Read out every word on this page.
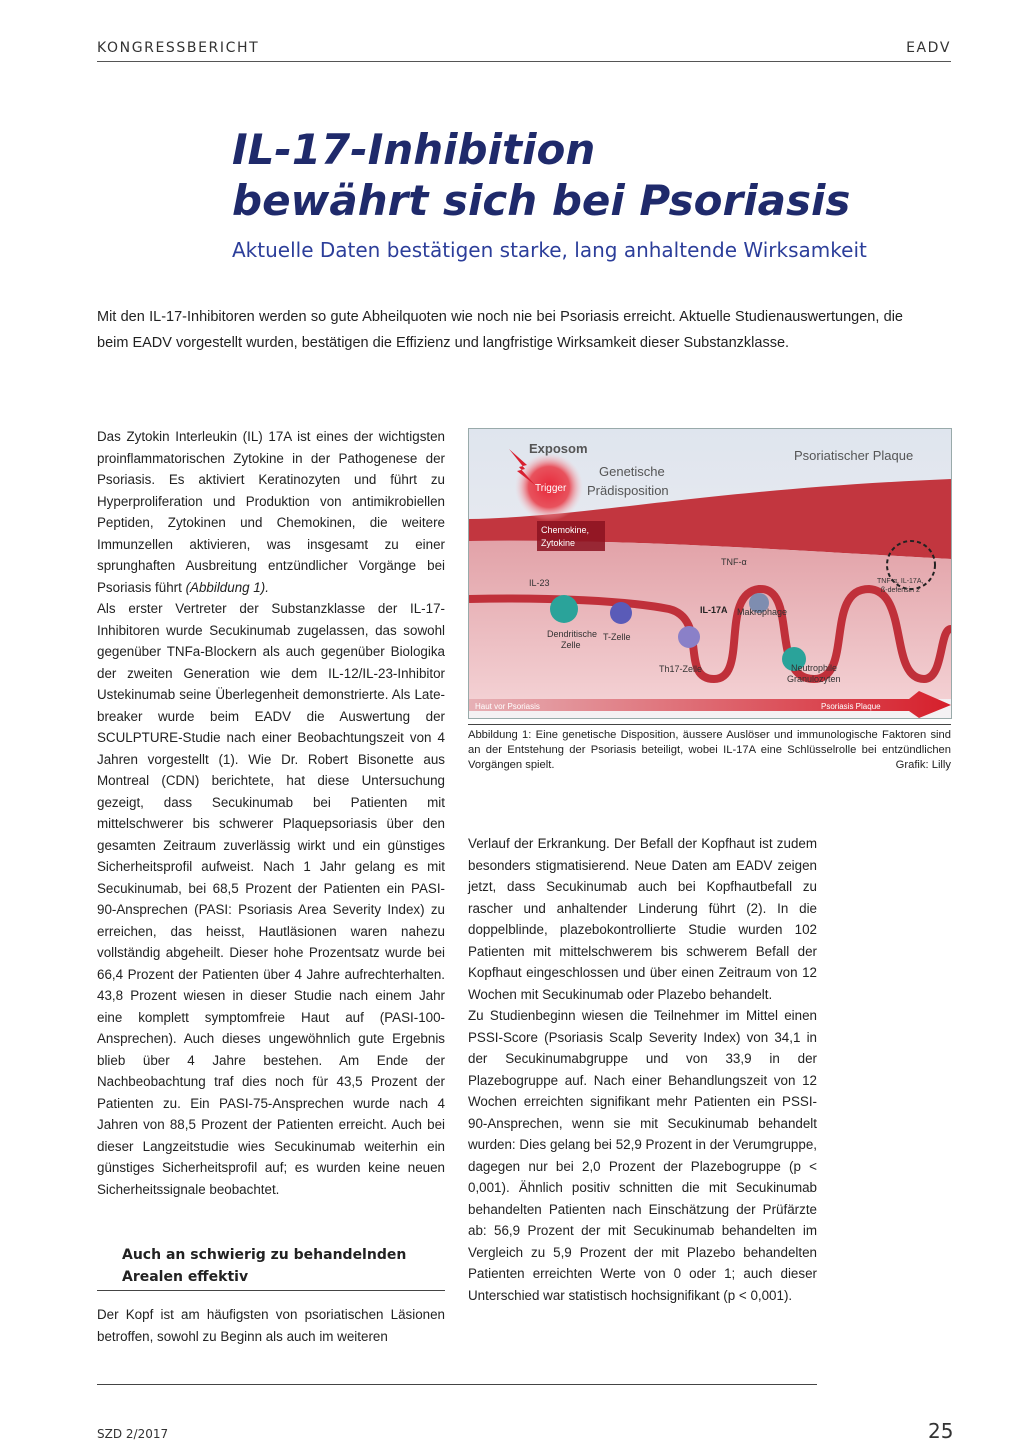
KONGRESSBERICHT	EADV
IL-17-Inhibition
bewährt sich bei Psoriasis
Aktuelle Daten bestätigen starke, lang anhaltende Wirksamkeit
Mit den IL-17-Inhibitoren werden so gute Abheilquoten wie noch nie bei Psoriasis erreicht. Aktuelle Studienauswertungen, die beim EADV vorgestellt wurden, bestätigen die Effizienz und langfristige Wirksamkeit dieser Substanzklasse.

Das Zytokin Interleukin (IL) 17A ist eines der wichtigsten proinflammatorischen Zytokine in der Pathogenese der Psoriasis. Es aktiviert Keratinozyten und führt zu Hyperproliferation und Produktion von antimikrobiellen Peptiden, Zytokinen und Chemokinen, die weitere Immunzellen aktivieren, was insgesamt zu einer sprunghaften Ausbreitung entzündlicher Vorgänge bei Psoriasis führt (Abbildung 1).

Als erster Vertreter der Substanzklasse der IL-17-Inhibitoren wurde Secukinumab zugelassen, das sowohl gegenüber TNFa-Blockern als auch gegenüber Biologika der zweiten Generation wie dem IL-12/IL-23-Inhibitor Ustekinumab seine Überlegenheit demonstrierte. Als Late-breaker wurde beim EADV die Auswertung der SCULPTURE-Studie nach einer Beobachtungszeit von 4 Jahren vorgestellt (1). Wie Dr. Robert Bisonette aus Montreal (CDN) berichtete, hat diese Untersuchung gezeigt, dass Secukinumab bei Patienten mit mittelschwerer bis schwerer Plaquepsoriasis über den gesamten Zeitraum zuverlässig wirkt und ein günstiges Sicherheitsprofil aufweist. Nach 1 Jahr gelang es mit Secukinumab, bei 68,5 Prozent der Patienten ein PASI-90-Ansprechen (PASI: Psoriasis Area Severity Index) zu erreichen, das heisst, Hautläsionen waren nahezu vollständig abgeheilt. Dieser hohe Prozentsatz wurde bei 66,4 Prozent der Patienten über 4 Jahre aufrechterhalten. 43,8 Prozent wiesen in dieser Studie nach einem Jahr eine komplett symptomfreie Haut auf (PASI-100-Ansprechen). Auch dieses ungewöhnlich gute Ergebnis blieb über 4 Jahre bestehen. Am Ende der Nachbeobachtung traf dies noch für 43,5 Prozent der Patienten zu. Ein PASI-75-Ansprechen wurde nach 4 Jahren von 88,5 Prozent der Patienten erreicht. Auch bei dieser Langzeitstudie wies Secukinumab weiterhin ein günstiges Sicherheitsprofil auf; es wurden keine neuen Sicherheitssignale beobachtet.

Auch an schwierig zu behandelnden Arealen effektiv
Der Kopf ist am häufigsten von psoriatischen Läsionen betroffen, sowohl zu Beginn als auch im weiteren
Exposom
Trigger
Genetische
Prädisposition
Psoriatischer Plaque
Chemokine,
Zytokine
TNF-α
IL-23
Dendritische
Zelle
T-Zelle
IL-17A Makrophage
Th17-Zelle	Neutrophile
Granulozyten
TNF-α, IL-17A,
ß-defensin 2
Haut vor Psoriasis	Psoriasis Plaque
Abbildung 1: Eine genetische Disposition, äussere Auslöser und immunologische Faktoren sind an der Entstehung der Psoriasis beteiligt, wobei IL-17A eine Schlüsselrolle bei entzündlichen Vorgängen spielt.	Grafik: Lilly

Verlauf der Erkrankung. Der Befall der Kopfhaut ist zudem besonders stigmatisierend. Neue Daten am EADV zeigen jetzt, dass Secukinumab auch bei Kopfhautbefall zu rascher und anhaltender Linderung führt (2). In die doppelblinde, plazebokontrollierte Studie wurden 102 Patienten mit mittelschwerem bis schwerem Befall der Kopfhaut eingeschlossen und über einen Zeitraum von 12 Wochen mit Secukinumab oder Plazebo behandelt.

Zu Studienbeginn wiesen die Teilnehmer im Mittel einen PSSI-Score (Psoriasis Scalp Severity Index) von 34,1 in der Secukinumabgruppe und von 33,9 in der Plazebogruppe auf. Nach einer Behandlungszeit von 12 Wochen erreichten signifikant mehr Patienten ein PSSI-90-Ansprechen, wenn sie mit Secukinumab behandelt wurden: Dies gelang bei 52,9 Prozent in der Verumgruppe, dagegen nur bei 2,0 Prozent der Plazebogruppe (p < 0,001). Ähnlich positiv schnitten die mit Secukinumab behandelten Patienten nach Einschätzung der Prüfärzte ab: 56,9 Prozent der mit Secukinumab behandelten im Vergleich zu 5,9 Prozent der mit Plazebo behandelten Patienten erreichten Werte von 0 oder 1; auch dieser Unterschied war statistisch hochsignifikant (p < 0,001).

SZD 2/2017	25
